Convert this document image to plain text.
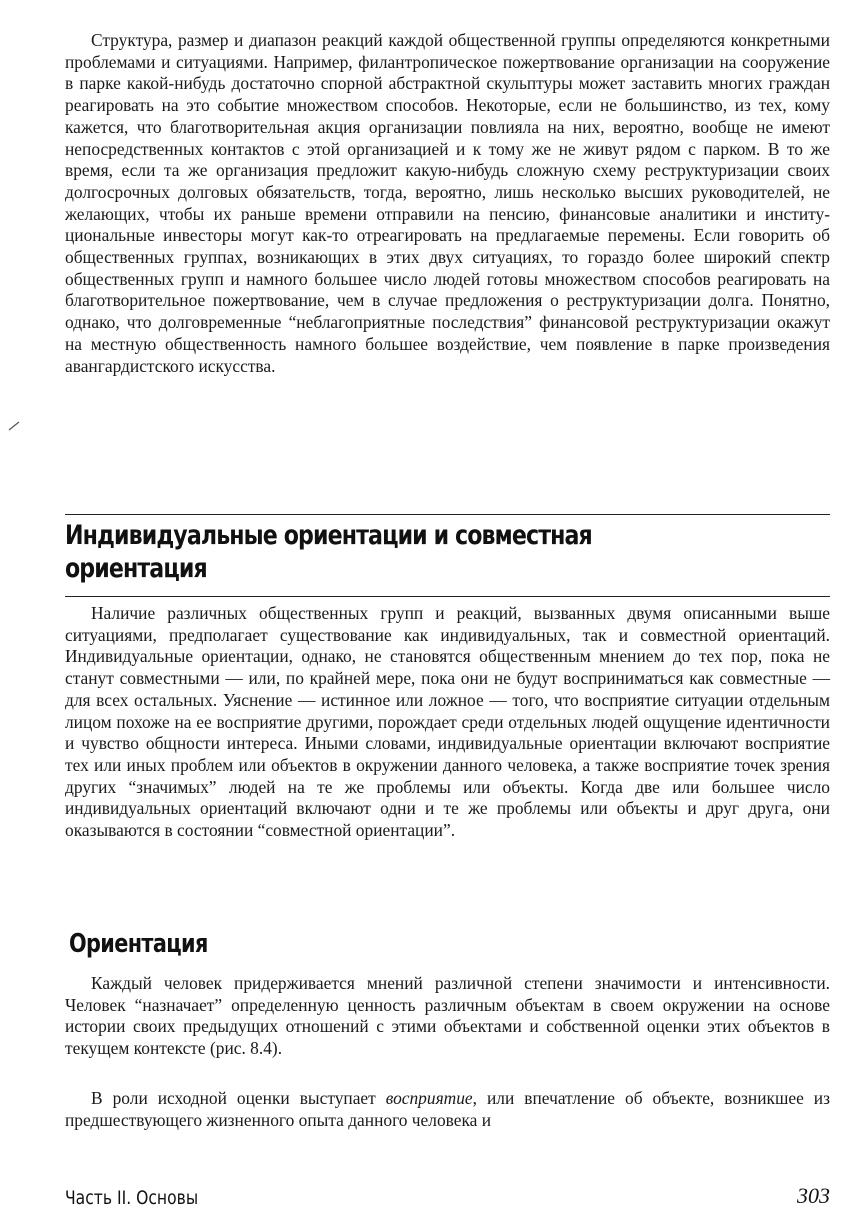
Структура, размер и диапазон реакций каждой общественной группы определяются конкретными проблемами и ситуациями. Например, филантропическое пожертвование организации на сооружение в парке какой-нибудь достаточно спорной абстрактной скульптуры может заставить многих граждан реагировать на это событие множеством способов. Некоторые, если не большинство, из тех, кому кажется, что благотворительная акция организации повлияла на них, вероятно, вообще не имеют непосредственных контактов с этой организацией и к тому же не живут рядом с парком. В то же время, если та же организация предложит какую-нибудь сложную схему реструктуризации своих долгосрочных долговых обязательств, тогда, вероятно, лишь несколько высших руководителей, не желающих, чтобы их раньше времени отправили на пенсию, финансовые аналитики и институциональные инвесторы могут как-то отреагировать на предлагаемые перемены. Если говорить об общественных группах, возникающих в этих двух ситуациях, то гораздо более широкий спектр общественных групп и намного большее число людей готовы множеством способов реагировать на благотворительное пожертвование, чем в случае предложения о реструктуризации долга. Понятно, однако, что долговременные “неблагоприятные последствия” финансовой реструктуризации окажут на местную общественность намного большее воздействие, чем появление в парке произведения авангардистского искусства.

Индивидуальные ориентации и совместная
ориентация

Наличие различных общественных групп и реакций, вызванных двумя описанными выше ситуациями, предполагает существование как индивидуальных, так и совместной ориентаций. Индивидуальные ориентации, однако, не становятся общественным мнением до тех пор, пока не станут совместными — или, по крайней мере, пока они не будут восприниматься как совместные — для всех остальных. Уяснение — истинное или ложное — того, что восприятие ситуации отдельным лицом похоже на ее восприятие другими, порождает среди отдельных людей ощущение идентичности и чувство общности интереса. Иными словами, индивидуальные ориентации включают восприятие тех или иных проблем или объектов в окружении данного человека, а также восприятие точек зрения других “значимых” людей на те же проблемы или объекты. Когда две или большее число индивидуальных ориентаций включают одни и те же проблемы или объекты и друг друга, они оказываются в состоянии “совместной ориентации”.

Ориентация

Каждый человек придерживается мнений различной степени значимости и интенсивности. Человек “назначает” определенную ценность различным объектам в своем окружении на основе истории своих предыдущих отношений с этими объектами и собственной оценки этих объектов в текущем контексте (рис. 8.4).

В роли исходной оценки выступает восприятие, или впечатление об объекте, возникшее из предшествующего жизненного опыта данного человека и

Часть II. Основы	303
